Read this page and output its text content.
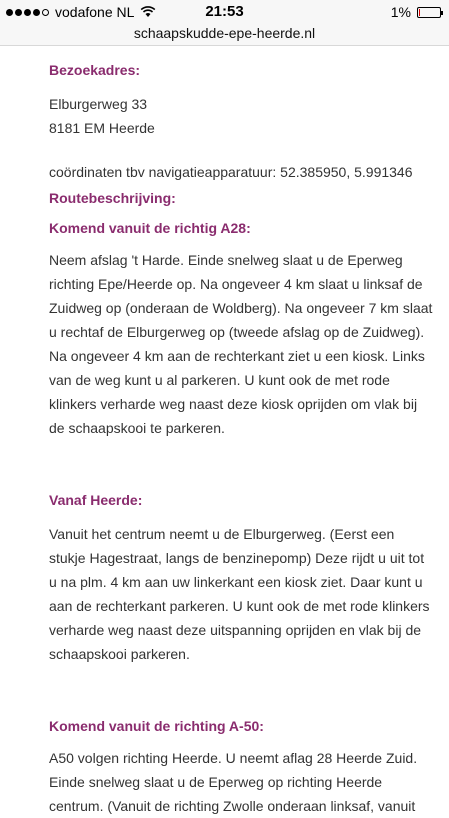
vodafone NL	21:53	1%
schaapskudde-epe-heerde.nl
Bezoekadres:
Elburgerweg 33
8181 EM Heerde
coördinaten tbv navigatieapparatuur: 52.385950, 5.991346
Routebeschrijving:
Komend vanuit de richtig A28:

Neem afslag 't Harde. Einde snelweg slaat u de Eperweg richting Epe/Heerde op. Na ongeveer 4 km slaat u linksaf de Zuidweg op (onderaan de Woldberg). Na ongeveer 7 km slaat u rechtaf de Elburgerweg op (tweede afslag op de Zuidweg). Na ongeveer 4 km aan de rechterkant ziet u een kiosk. Links van de weg kunt u al parkeren. U kunt ook de met rode klinkers verharde weg naast deze kiosk oprijden om vlak bij de schaapskooi te parkeren.

Vanaf Heerde:

Vanuit het centrum neemt u de Elburgerweg. (Eerst een stukje Hagestraat, langs de benzinepomp) Deze rijdt u uit tot u na plm. 4 km aan uw linkerkant een kiosk ziet. Daar kunt u aan de rechterkant parkeren. U kunt ook de met rode klinkers verharde weg naast deze uitspanning oprijden en vlak bij de schaapskooi parkeren.

Komend vanuit de richting A-50:

A50 volgen richting Heerde. U neemt aflag 28 Heerde Zuid. Einde snelweg slaat u de Eperweg op richting Heerde centrum. (Vanuit de richting Zwolle onderaan linksaf, vanuit
